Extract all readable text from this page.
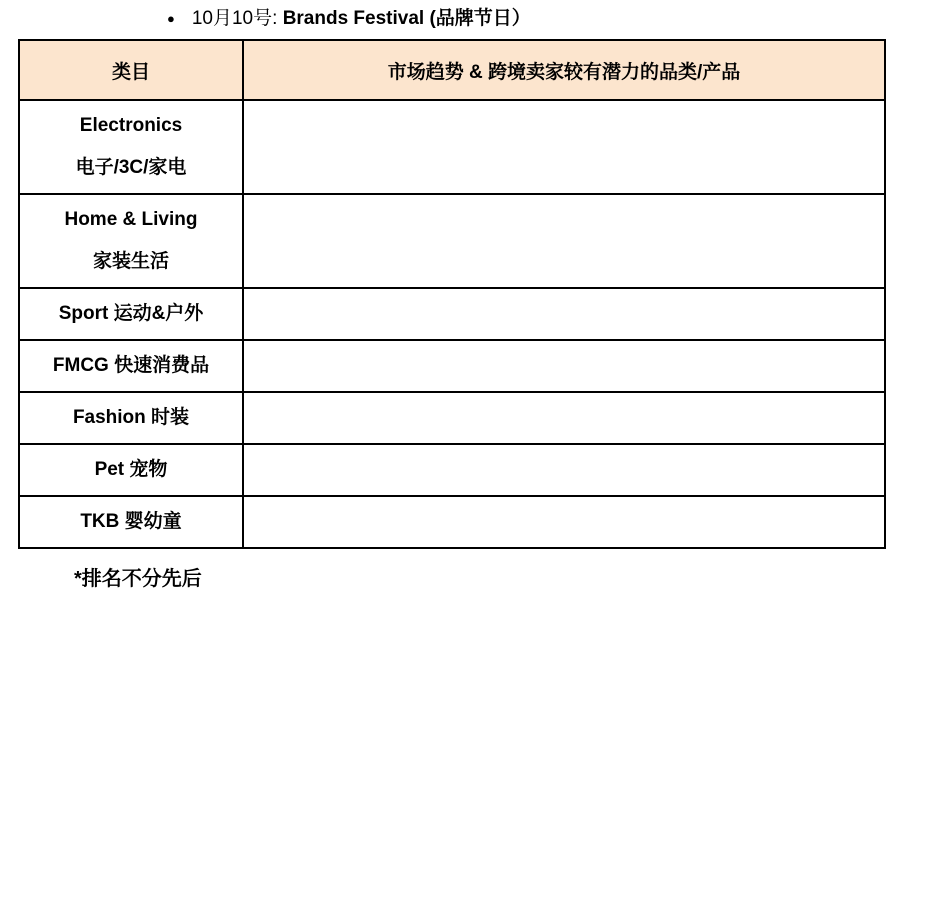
● 10月10号: Brands Festival (品牌节日）
类目	市场趋势 & 跨境卖家较有潜力的品类/产品

Electronics
电子/3C/家电	

Home & Living
家装生活	

Sport 运动&户外	

FMCG 快速消费品	

Fashion 时装	

Pet 宠物	

TKB 婴幼童	

*排名不分先后
